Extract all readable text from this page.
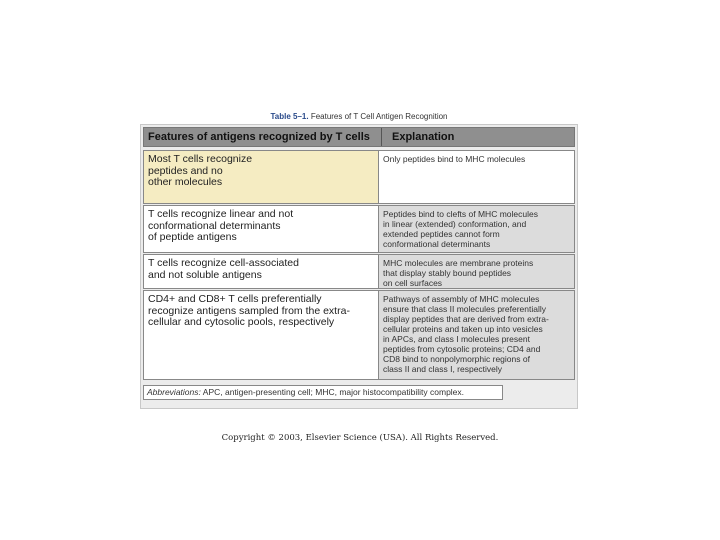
Table 5–1. Features of T Cell Antigen Recognition
Features of antigens recognized by T cells	Explanation
Most T cells recognize
peptides and no
other molecules
Only peptides bind to MHC molecules
T cells recognize linear and not
conformational determinants
of peptide antigens
Peptides bind to clefts of MHC molecules
in linear (extended) conformation, and
extended peptides cannot form
conformational determinants
T cells recognize cell-associated
and not soluble antigens
MHC molecules are membrane proteins
that display stably bound peptides
on cell surfaces
CD4+ and CD8+ T cells preferentially
recognize antigens sampled from the extra-
cellular and cytosolic pools, respectively
Pathways of assembly of MHC molecules
ensure that class II molecules preferentially
display peptides that are derived from extra-
cellular proteins and taken up into vesicles
in APCs, and class I molecules present
peptides from cytosolic proteins; CD4 and
CD8 bind to nonpolymorphic regions of
class II and class I, respectively
Abbreviations: APC, antigen-presenting cell; MHC, major histocompatibility complex.
Copyright © 2003, Elsevier Science (USA). All Rights Reserved.
